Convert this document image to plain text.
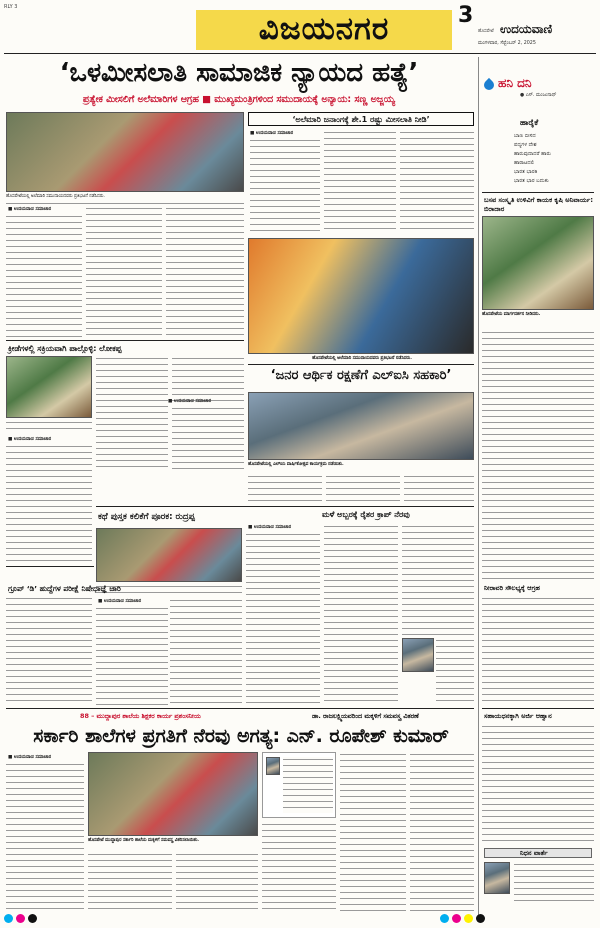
RLY 3
ವಿಜಯನಗರ	3
ಹೊಸಪೇಟೆ ಉದಯವಾಣಿ
ಮಂಗಳವಾರ, ಸೆಪ್ಟೆಂಬರ್ 2, 2025
‘ಒಳಮೀಸಲಾತಿ ಸಾಮಾಜಿಕ ನ್ಯಾಯದ ಹತ್ಯೆ’
ಪ್ರತ್ಯೇಕ ಮೀಸಲಿಗೆ ಅಲೆಮಾರಿಗಳ ಆಗ್ರಹ ■ ಮುಖ್ಯಮಂತ್ರಿಗಳಿಂದ ಸಮುದಾಯಕ್ಕೆ ಅನ್ಯಾಯ: ಸಣ್ಣ ಅಜ್ಜಯ್ಯ
ಹನಿ ದನಿ
● ಎಸ್. ಮಂಜುನಾಥ್
ಹಾರೈಕೆ
ಬಾಣ ಬೀಸದ
ಪದ್ಯಗಳ ದೇಶ
ಹಾರುವುದಾದರೆ ಹಾರು
ಹಾರಾಟದಲಿ
ಭಾರತ ಭಾರತಿ
ಭಾರತ ಭಾರ ಬದುಕು
ಬಸವ ಸಂಸ್ಕೃತಿ ಉಳಿವಿಗೆ ಕಾಯಕ ಕೃಷಿ ಅನಿವಾರ್ಯ: ಬಿರಾದಾರ
ಹೊಸಪೇಟೆಯ ಮಾರ್ಗದರ್ಶನ ನೀಡಿದರು.
ನೀರಾವರಿ ಸೌಲಭ್ಯಕ್ಕೆ ಆಗ್ರಹ
ಸಹಾಯಧನಕ್ಕಾಗಿ ಅರ್ಜಿ ಆಹ್ವಾನ
ನಿಧನ ವಾರ್ತೆ
ಹೊಸಪೇಟೆಯಲ್ಲಿ ಅಲೆಮಾರಿ ಸಮುದಾಯದವರು ಪ್ರತಿಭಟನೆ ನಡೆಸಿದರು.
‘ಅಲೆಮಾರಿ ಜನಾಂಗಕ್ಕೆ ಶೇ.1 ರಷ್ಟು ಮೀಸಲಾತಿ ನೀಡಿ’
■ ಉದಯವಾಣಿ ಸಮಾಚಾರ
■ ಉದಯವಾಣಿ ಸಮಾಚಾರ
ಹೊಸಪೇಟೆಯಲ್ಲಿ ಅಲೆಮಾರಿ ಸಮುದಾಯದವರು ಪ್ರತಿಭಟನೆ ನಡೆಸಿದರು.
ಕ್ರೀಡೆಗಳಲ್ಲಿ ಸಕ್ರಿಯವಾಗಿ ಪಾಲ್ಗೊಳ್ಳಿ: ಲೋಕಪ್ಪ
■ ಉದಯವಾಣಿ ಸಮಾಚಾರ
‘ಜನರ ಆರ್ಥಿಕ ರಕ್ಷಣೆಗೆ ಎಲ್‌ಐಸಿ ಸಹಕಾರಿ’
■ ಉದಯವಾಣಿ ಸಮಾಚಾರ
ಹೊಸಪೇಟೆಯಲ್ಲಿ ಎಲ್‌ಐಸಿ ವಾರ್ಷಿಕೋತ್ಸವ ಕಾರ್ಯಕ್ರಮ ನಡೆಯಿತು.
ಕಥೆ ಪುಸ್ತಕ ಕಲಿಕೆಗೆ ಪೂರಕ: ರುದ್ರಪ್ಪ	ಮಳೆ ಅಬ್ಬರಕ್ಕೆ ರೈತರ ಕ್ರಾಪ್ ನೆರವು
■ ಉದಯವಾಣಿ ಸಮಾಚಾರ
■ ಉದಯವಾಣಿ ಸಮಾಚಾರ
ಗ್ರೂಪ್ ‘ಡಿ’ ಹುದ್ದೆಗಳ ಪರೀಕ್ಷೆ ನಿಷೇಧಾಜ್ಞೆ ಜಾರಿ
88 – ಮುದ್ದಾಪುರ ಶಾಲೆಯ ಶಿಕ್ಷಕರ ಕಾರ್ಯ ಪ್ರಶಂಸನೀಯ	ಡಾ. ರಾಜಲಕ್ಷ್ಮಿಯವರಿಂದ ಮಕ್ಕಳಿಗೆ ಸಮವಸ್ತ್ರ ವಿತರಣೆ
ಸರ್ಕಾರಿ ಶಾಲೆಗಳ ಪ್ರಗತಿಗೆ ನೆರವು ಅಗತ್ಯ: ಎನ್. ರೂಪೇಶ್ ಕುಮಾರ್
■ ಉದಯವಾಣಿ ಸಮಾಚಾರ
ಹೊಸಪೇಟೆ ಮುದ್ದಾಪುರ ಸರ್ಕಾರಿ ಶಾಲೆಯ ಮಕ್ಕಳಿಗೆ ಸಮವಸ್ತ್ರ ವಿತರಿಸಲಾಯಿತು.
